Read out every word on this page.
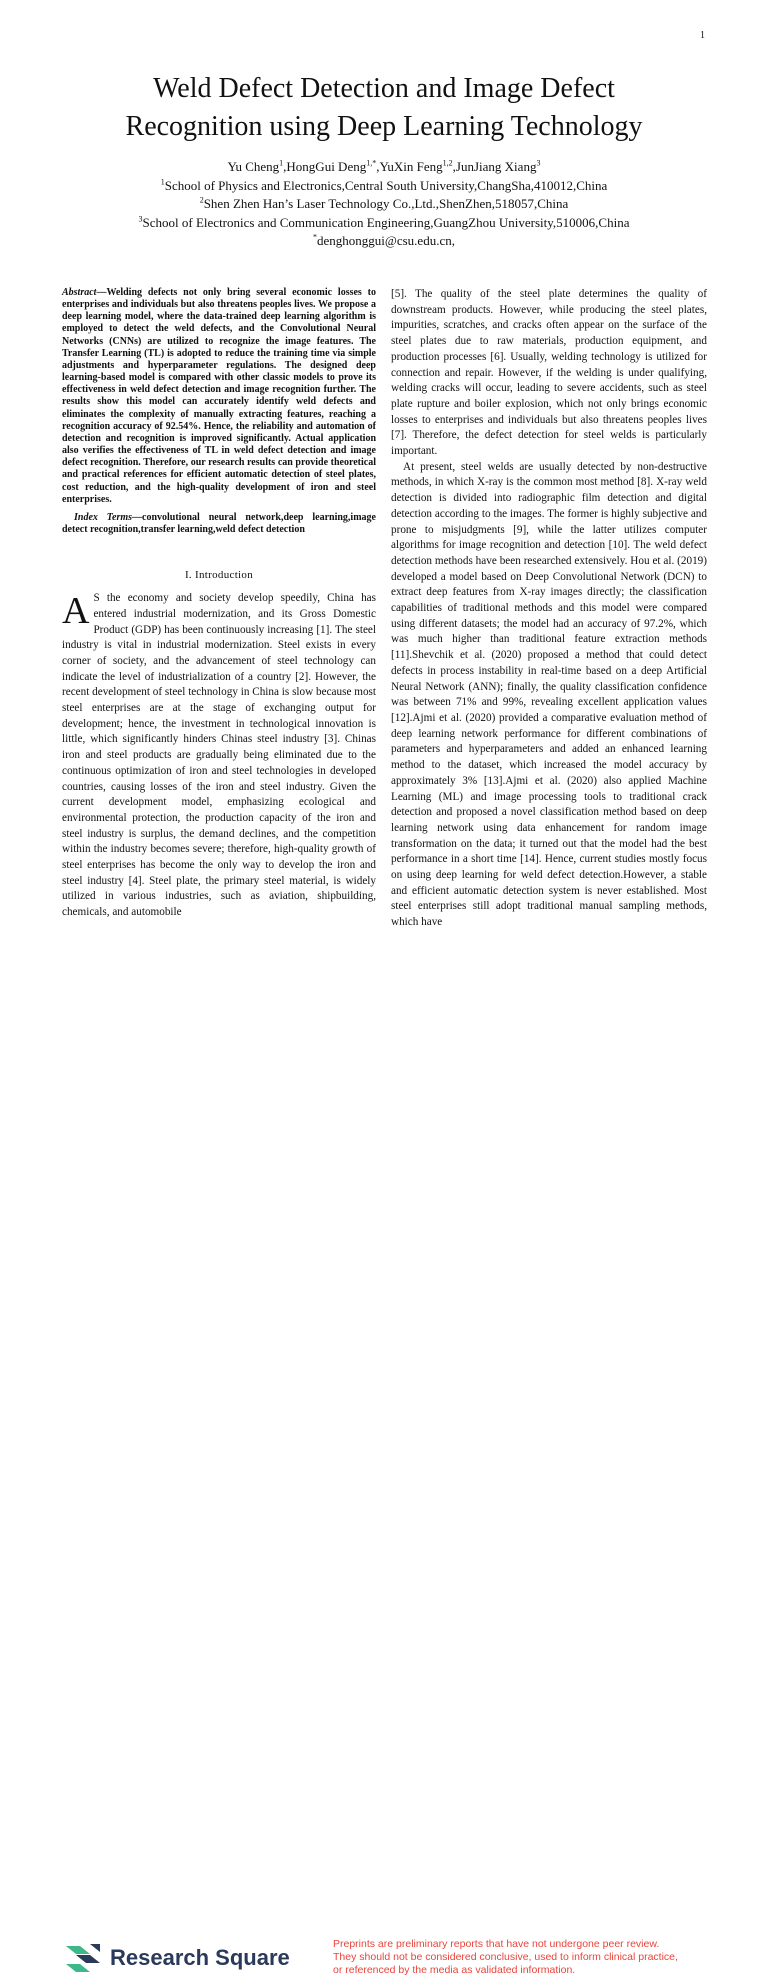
1
Weld Defect Detection and Image Defect
Recognition using Deep Learning Technology
Yu Cheng$^1$,HongGui Deng$^{1,*}$,YuXin Feng$^{1,2}$,JunJiang Xiang$^3$
$^1$School of Physics and Electronics,Central South University,ChangSha,410012,China
$^2$Shen Zhen Han’s Laser Technology Co.,Ltd.,ShenZhen,518057,China
$^3$School of Electronics and Communication Engineering,GuangZhou University,510006,China
*denghonggui@csu.edu.cn,

Abstract—Welding defects not only bring several economic losses to enterprises and individuals but also threatens peoples lives. We propose a deep learning model, where the data-trained deep learning algorithm is employed to detect the weld defects, and the Convolutional Neural Networks (CNNs) are utilized to recognize the image features. The Transfer Learning (TL) is adopted to reduce the training time via simple adjustments and hyperparameter regulations. The designed deep learning-based model is compared with other classic models to prove its effectiveness in weld defect detection and image recognition further. The results show this model can accurately identify weld defects and eliminates the complexity of manually extracting features, reaching a recognition accuracy of 92.54%. Hence, the reliability and automation of detection and recognition is improved significantly. Actual application also verifies the effectiveness of TL in weld defect detection and image defect recognition. Therefore, our research results can provide theoretical and practical references for efficient automatic detection of steel plates, cost reduction, and the high-quality development of iron and steel enterprises.

Index Terms—convolutional neural network,deep learning,image detect recognition,transfer learning,weld defect detection

I. Introduction

A S the economy and society develop speedily, China has entered industrial modernization, and its Gross Domestic Product (GDP) has been continuously increasing [1]. The steel industry is vital in industrial modernization. Steel exists in every corner of society, and the advancement of steel technology can indicate the level of industrialization of a country [2]. However, the recent development of steel technology in China is slow because most steel enterprises are at the stage of exchanging output for development; hence, the investment in technological innovation is little, which significantly hinders Chinas steel industry [3]. Chinas iron and steel products are gradually being eliminated due to the continuous optimization of iron and steel technologies in developed countries, causing losses of the iron and steel industry. Given the current development model, emphasizing ecological and environmental protection, the production capacity of the iron and steel industry is surplus, the demand declines, and the competition within the industry becomes severe; therefore, high-quality growth of steel enterprises has become the only way to develop the iron and steel industry [4]. Steel plate, the primary steel material, is widely utilized in various industries, such as aviation, shipbuilding, chemicals, and automobile

[5]. The quality of the steel plate determines the quality of downstream products. However, while producing the steel plates, impurities, scratches, and cracks often appear on the surface of the steel plates due to raw materials, production equipment, and production processes [6]. Usually, welding technology is utilized for connection and repair. However, if the welding is under qualifying, welding cracks will occur, leading to severe accidents, such as steel plate rupture and boiler explosion, which not only brings economic losses to enterprises and individuals but also threatens peoples lives [7]. Therefore, the defect detection for steel welds is particularly important.

At present, steel welds are usually detected by non-destructive methods, in which X-ray is the common most method [8]. X-ray weld detection is divided into radiographic film detection and digital detection according to the images. The former is highly subjective and prone to misjudgments [9], while the latter utilizes computer algorithms for image recognition and detection [10]. The weld defect detection methods have been researched extensively. Hou et al. (2019) developed a model based on Deep Convolutional Network (DCN) to extract deep features from X-ray images directly; the classification capabilities of traditional methods and this model were compared using different datasets; the model had an accuracy of 97.2%, which was much higher than traditional feature extraction methods [11].Shevchik et al. (2020) proposed a method that could detect defects in process instability in real-time based on a deep Artificial Neural Network (ANN); finally, the quality classification confidence was between 71% and 99%, revealing excellent application values [12].Ajmi et al. (2020) provided a comparative evaluation method of deep learning network performance for different combinations of parameters and hyperparameters and added an enhanced learning method to the dataset, which increased the model accuracy by approximately 3% [13].Ajmi et al. (2020) also applied Machine Learning (ML) and image processing tools to traditional crack detection and proposed a novel classification method based on deep learning network using data enhancement for random image transformation on the data; it turned out that the model had the best performance in a short time [14]. Hence, current studies mostly focus on using deep learning for weld defect detection.However, a stable and efficient automatic detection system is never established. Most steel enterprises still adopt traditional manual sampling methods, which have

Research Square
Preprints are preliminary reports that have not undergone peer review.
They should not be considered conclusive, used to inform clinical practice,
or referenced by the media as validated information.
